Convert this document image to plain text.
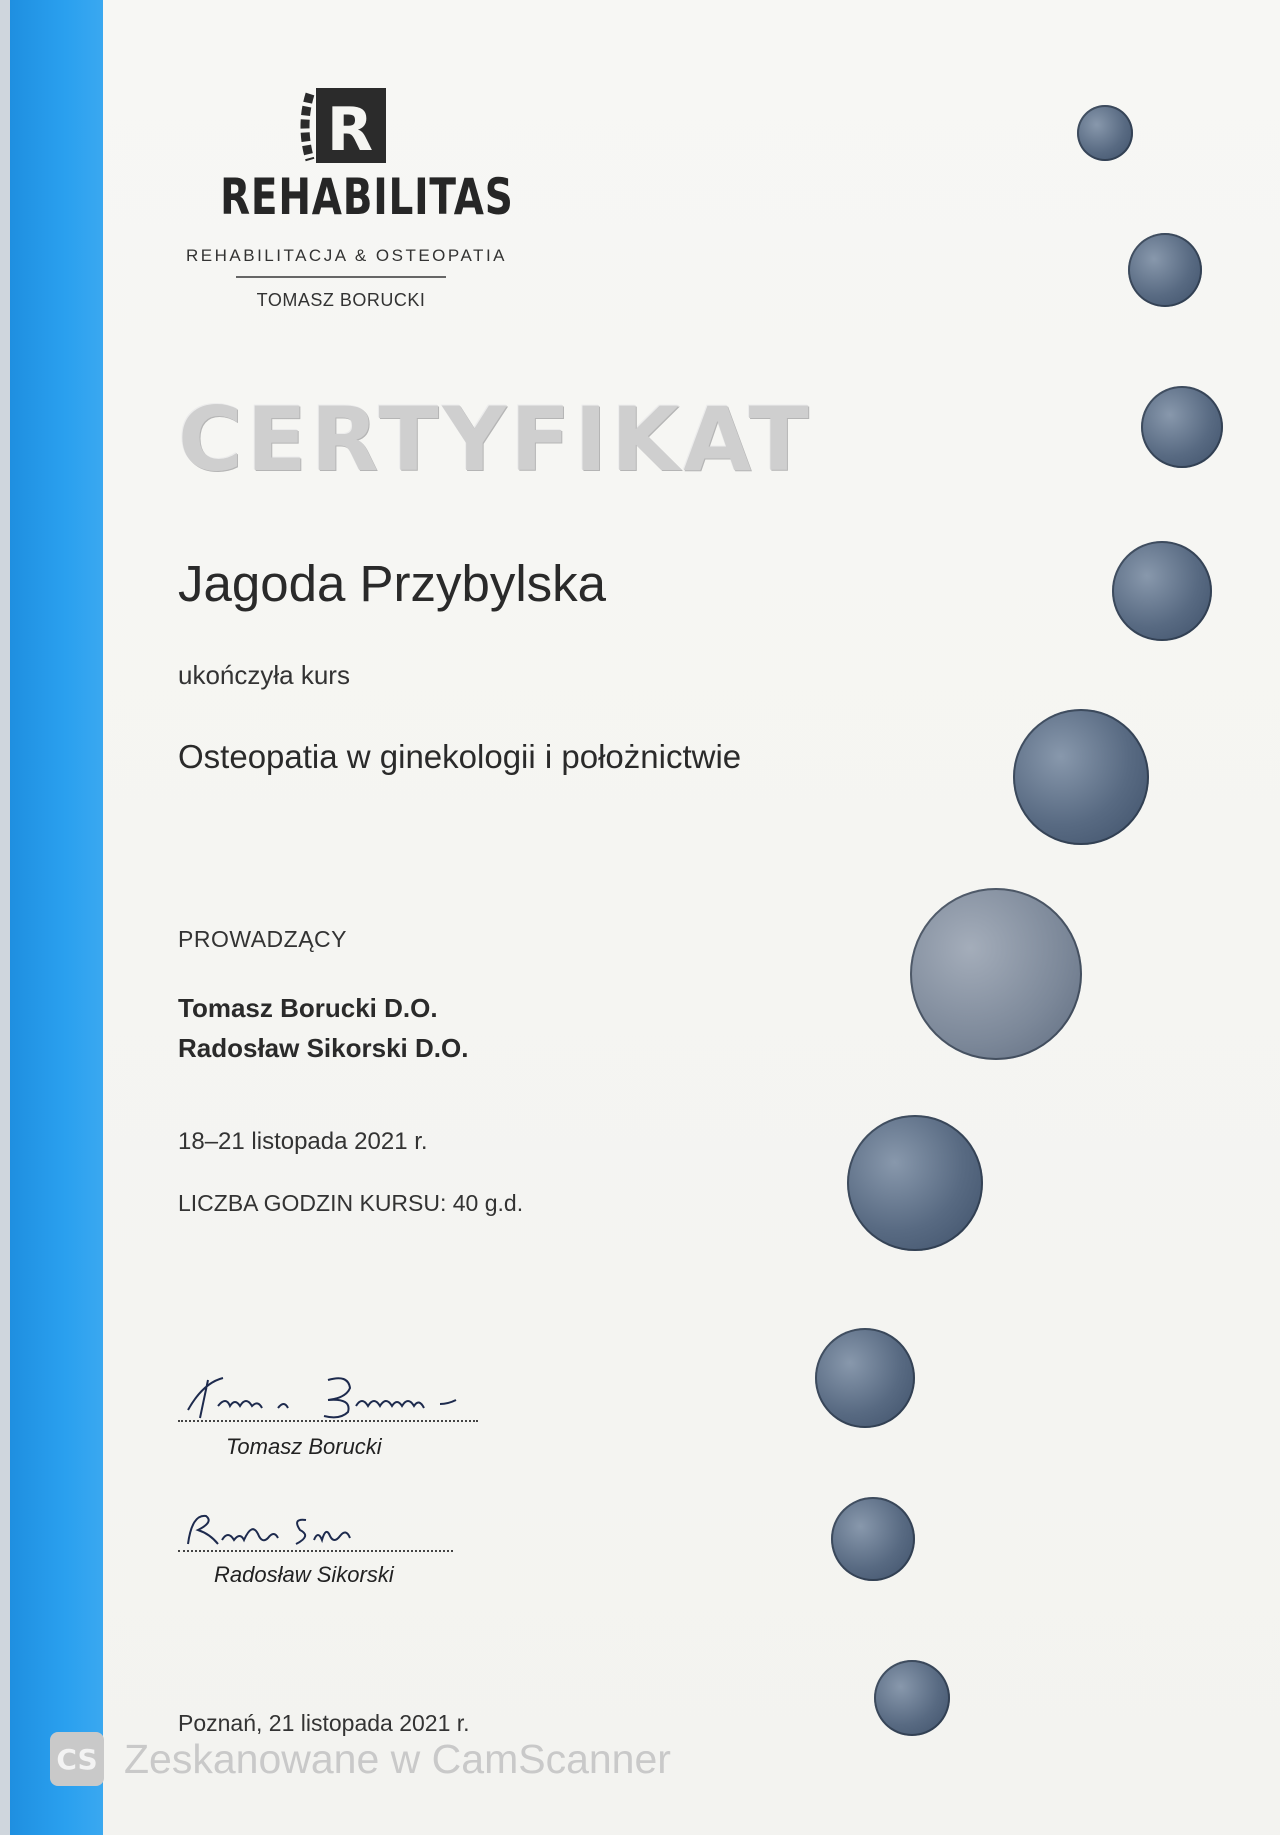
R
REHABILITAS
REHABILITACJA & OSTEOPATIA
TOMASZ BORUCKI
CERTYFIKAT
Jagoda Przybylska
ukończyła kurs
Osteopatia w ginekologii i położnictwie
PROWADZĄCY
Tomasz Borucki D.O.
Radosław Sikorski D.O.
18–21 listopada 2021 r.
LICZBA GODZIN KURSU: 40 g.d.
Tomasz Borucki
Radosław Sikorski
Poznań, 21 listopada 2021 r.
CS Zeskanowane w CamScanner
